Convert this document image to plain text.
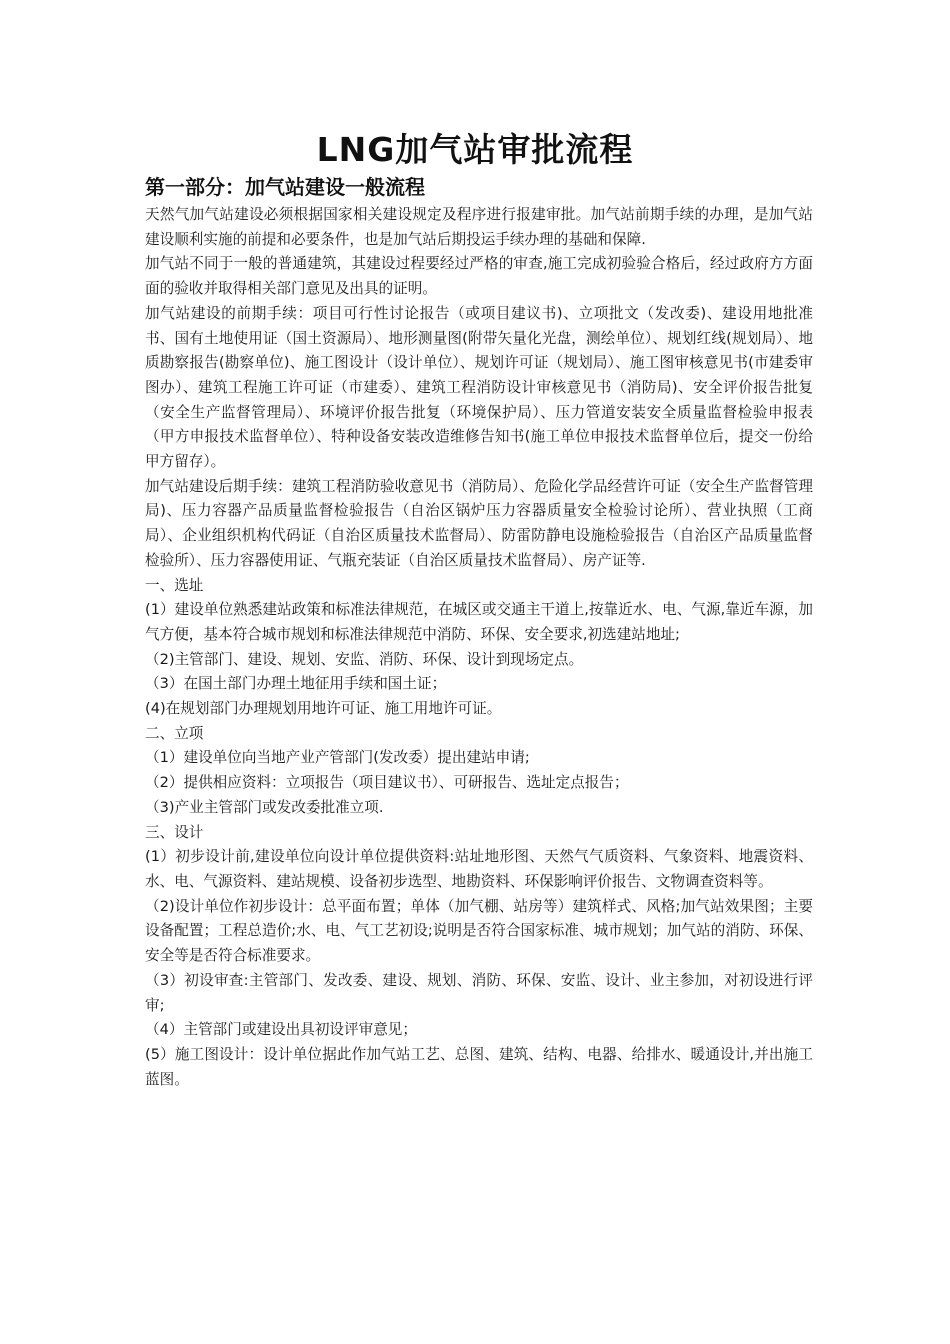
LNG加气站审批流程
第一部分：加气站建设一般流程

天然气加气站建设必须根据国家相关建设规定及程序进行报建审批。加气站前期手续的办理，是加气站建设顺利实施的前提和必要条件，也是加气站后期投运手续办理的基础和保障.

加气站不同于一般的普通建筑，其建设过程要经过严格的审查,施工完成初验验合格后，经过政府方方面面的验收并取得相关部门意见及出具的证明。

加气站建设的前期手续：项目可行性讨论报告（或项目建议书)、立项批文（发改委)、建设用地批准书、国有土地使用证（国土资源局）、地形测量图(附带矢量化光盘，测绘单位）、规划红线(规划局）、地质勘察报告(勘察单位)、施工图设计（设计单位）、规划许可证（规划局）、施工图审核意见书(市建委审图办）、建筑工程施工许可证（市建委）、建筑工程消防设计审核意见书（消防局)、安全评价报告批复（安全生产监督管理局）、环境评价报告批复（环境保护局）、压力管道安装安全质量监督检验申报表（甲方申报技术监督单位）、特种设备安装改造维修告知书(施工单位申报技术监督单位后，提交一份给甲方留存）。

加气站建设后期手续：建筑工程消防验收意见书（消防局）、危险化学品经营许可证（安全生产监督管理局)、压力容器产品质量监督检验报告（自治区锅炉压力容器质量安全检验讨论所）、营业执照（工商局）、企业组织机构代码证（自治区质量技术监督局）、防雷防静电设施检验报告（自治区产品质量监督检验所）、压力容器使用证、气瓶充装证（自治区质量技术监督局）、房产证等.

一、选址

(1）建设单位熟悉建站政策和标准法律规范，在城区或交通主干道上,按靠近水、电、气源,靠近车源，加气方便，基本符合城市规划和标准法律规范中消防、环保、安全要求,初选建站地址;

（2)主管部门、建设、规划、安监、消防、环保、设计到现场定点。

（3）在国土部门办理土地征用手续和国土证；

(4)在规划部门办理规划用地许可证、施工用地许可证。

二、立项

（1）建设单位向当地产业产管部门(发改委）提出建站申请;

（2）提供相应资料：立项报告（项目建议书）、可研报告、选址定点报告；

（3)产业主管部门或发改委批准立项.

三、设计

(1）初步设计前,建设单位向设计单位提供资料:站址地形图、天然气气质资料、气象资料、地震资料、水、电、气源资料、建站规模、设备初步选型、地勘资料、环保影响评价报告、文物调查资料等。

（2)设计单位作初步设计：总平面布置；单体（加气棚、站房等）建筑样式、风格;加气站效果图；主要设备配置；工程总造价;水、电、气工艺初设;说明是否符合国家标准、城市规划；加气站的消防、环保、安全等是否符合标准要求。

（3）初设审查:主管部门、发改委、建设、规划、消防、环保、安监、设计、业主参加，对初设进行评审;

（4）主管部门或建设出具初设评审意见；

(5）施工图设计：设计单位据此作加气站工艺、总图、建筑、结构、电器、给排水、暖通设计,并出施工蓝图。
